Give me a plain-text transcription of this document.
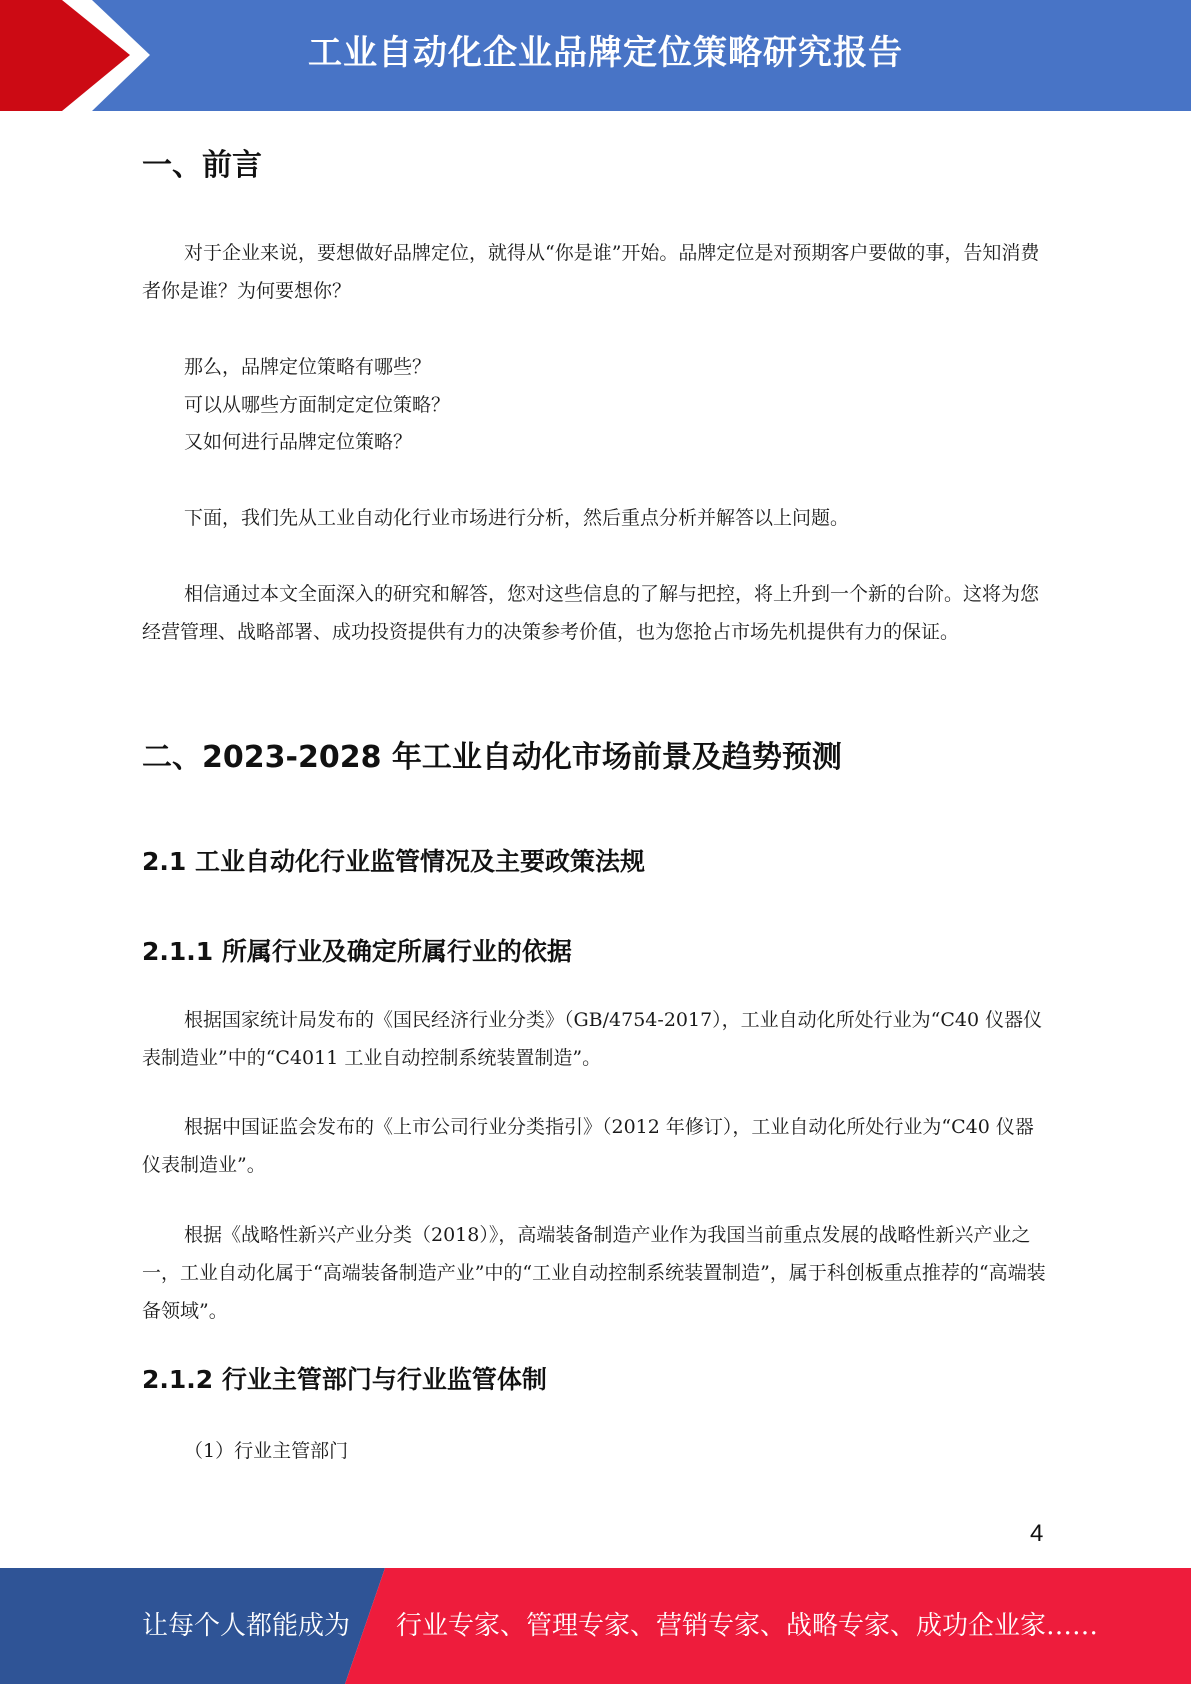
工业自动化企业品牌定位策略研究报告
一、前言

对于企业来说，要想做好品牌定位，就得从“你是谁”开始。品牌定位是对预期客户要做的事，告知消费者你是谁？为何要想你？

那么，品牌定位策略有哪些？

可以从哪些方面制定定位策略？

又如何进行品牌定位策略？

下面，我们先从工业自动化行业市场进行分析，然后重点分析并解答以上问题。

相信通过本文全面深入的研究和解答，您对这些信息的了解与把控，将上升到一个新的台阶。这将为您经营管理、战略部署、成功投资提供有力的决策参考价值，也为您抢占市场先机提供有力的保证。

二、2023-2028 年工业自动化市场前景及趋势预测
2.1 工业自动化行业监管情况及主要政策法规
2.1.1 所属行业及确定所属行业的依据

根据国家统计局发布的《国民经济行业分类》（GB/4754-2017），工业自动化所处行业为“C40 仪器仪表制造业”中的“C4011 工业自动控制系统装置制造”。

根据中国证监会发布的《上市公司行业分类指引》（2012 年修订），工业自动化所处行业为“C40 仪器仪表制造业”。

根据《战略性新兴产业分类（2018）》，高端装备制造产业作为我国当前重点发展的战略性新兴产业之一，工业自动化属于“高端装备制造产业”中的“工业自动控制系统装置制造”，属于科创板重点推荐的“高端装备领域”。

2.1.2 行业主管部门与行业监管体制

（1）行业主管部门

4
让每个人都能成为 行业专家、管理专家、营销专家、战略专家、成功企业家……
